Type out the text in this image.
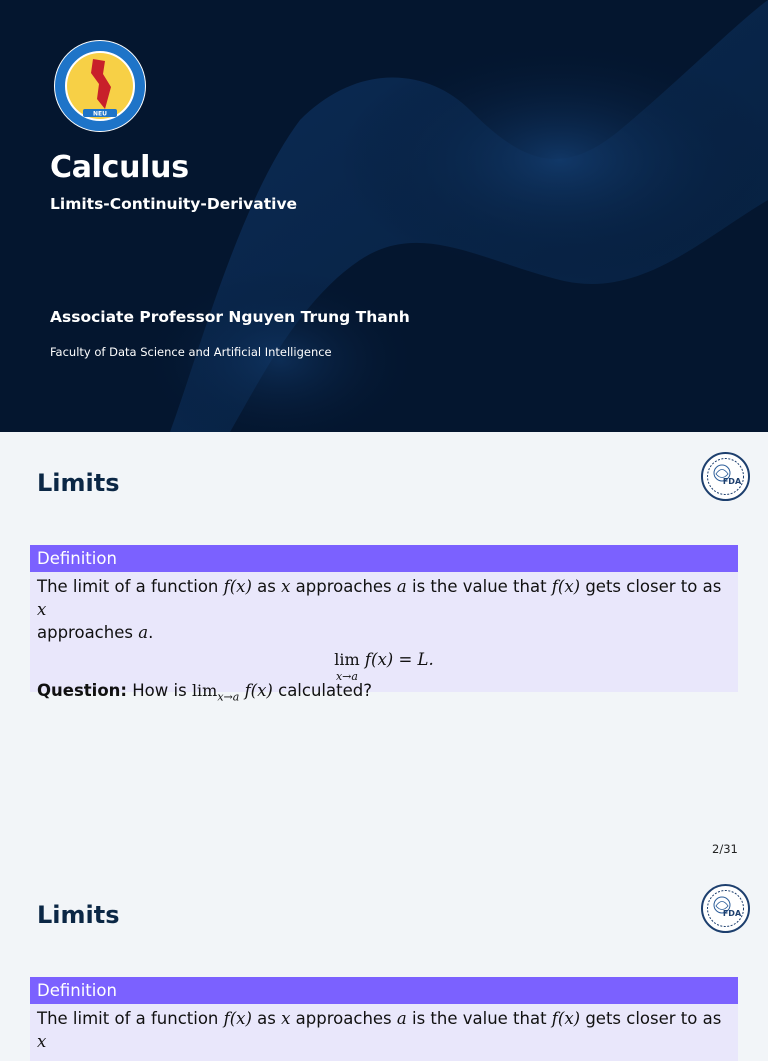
NEU
Calculus
Limits-Continuity-Derivative
Associate Professor Nguyen Trung Thanh
Faculty of Data Science and Artificial Intelligence
Limits	FDA
Definition
The limit of a function f(x) as x approaches a is the value that f(x) gets closer to as x
approaches a.
lim
x→a
f(x) = L.
Question: How is $\lim_{x\to a} f(x)$ calculated?
2/31
Limits	FDA
Definition
The limit of a function f(x) as x approaches a is the value that f(x) gets closer to as x
